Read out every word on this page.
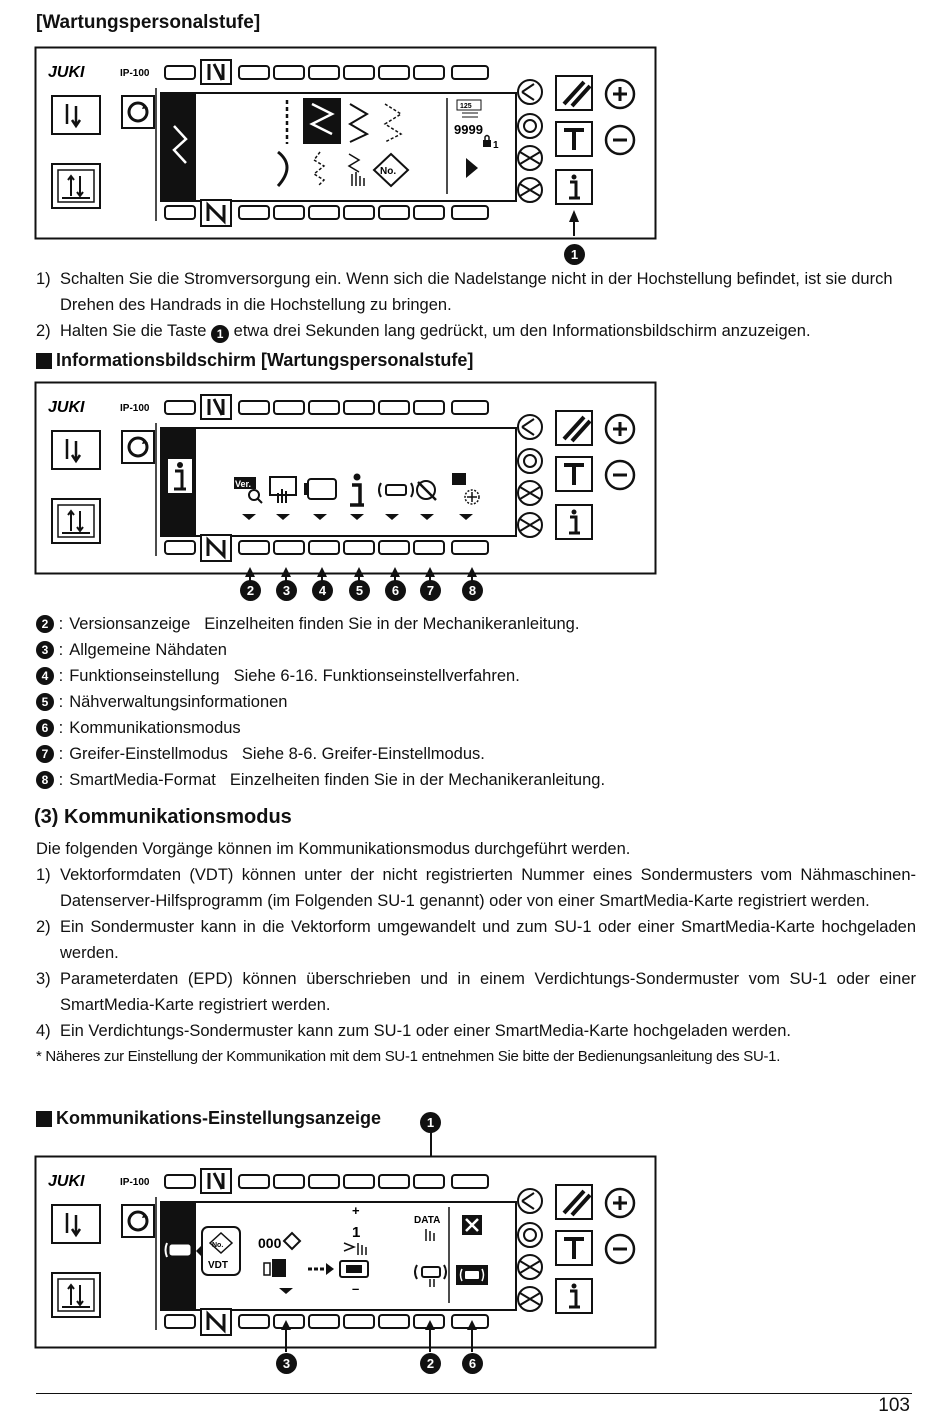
[Wartungspersonalstufe]
JUKI	IP-100
No.
125
9999
1
1
1) Schalten Sie die Stromversorgung ein. Wenn sich die Nadelstange nicht in der Hochstellung befindet, ist sie durch Drehen des Handrads in die Hochstellung zu bringen.
2) Halten Sie die Taste 1 etwa drei Sekunden lang gedrückt, um den Informationsbildschirm anzuzeigen.
Informationsbildschirm [Wartungspersonalstufe]
JUKI	IP-100
Ver.
2	3	4	5	6	7	8
2
: Versionsanzeige Einzelheiten finden Sie in der Mechanikeranleitung.
3
: Allgemeine Nähdaten
4
: Funktionseinstellung Siehe 6-16. Funktionseinstellverfahren.
5
: Nähverwaltungsinformationen
6
: Kommunikationsmodus
7
: Greifer-Einstellmodus Siehe 8-6. Greifer-Einstellmodus.
8
: SmartMedia-Format Einzelheiten finden Sie in der Mechanikeranleitung.
(3) Kommunikationsmodus
Die folgenden Vorgänge können im Kommunikationsmodus durchgeführt werden.
1) Vektorformdaten (VDT) können unter der nicht registrierten Nummer eines Sondermusters vom Nähmaschinen-Datenserver-Hilfsprogramm (im Folgenden SU-1 genannt) oder von einer SmartMedia-Karte registriert werden.
2) Ein Sondermuster kann in die Vektorform umgewandelt und zum SU-1 oder einer SmartMedia-Karte hochgeladen werden.
3) Parameterdaten (EPD) können überschrieben und in einem Verdichtungs-Sondermuster vom SU-1 oder einer SmartMedia-Karte registriert werden.
4) Ein Verdichtungs-Sondermuster kann zum SU-1 oder einer SmartMedia-Karte hochgeladen werden.
* Näheres zur Einstellung der Kommunikation mit dem SU-1 entnehmen Sie bitte der Bedienungsanleitung des SU-1.
Kommunikations-Einstellungsanzeige	1
JUKI	IP-100
No.
VDT
000
+
1
–
DATA
3	2	6
103
